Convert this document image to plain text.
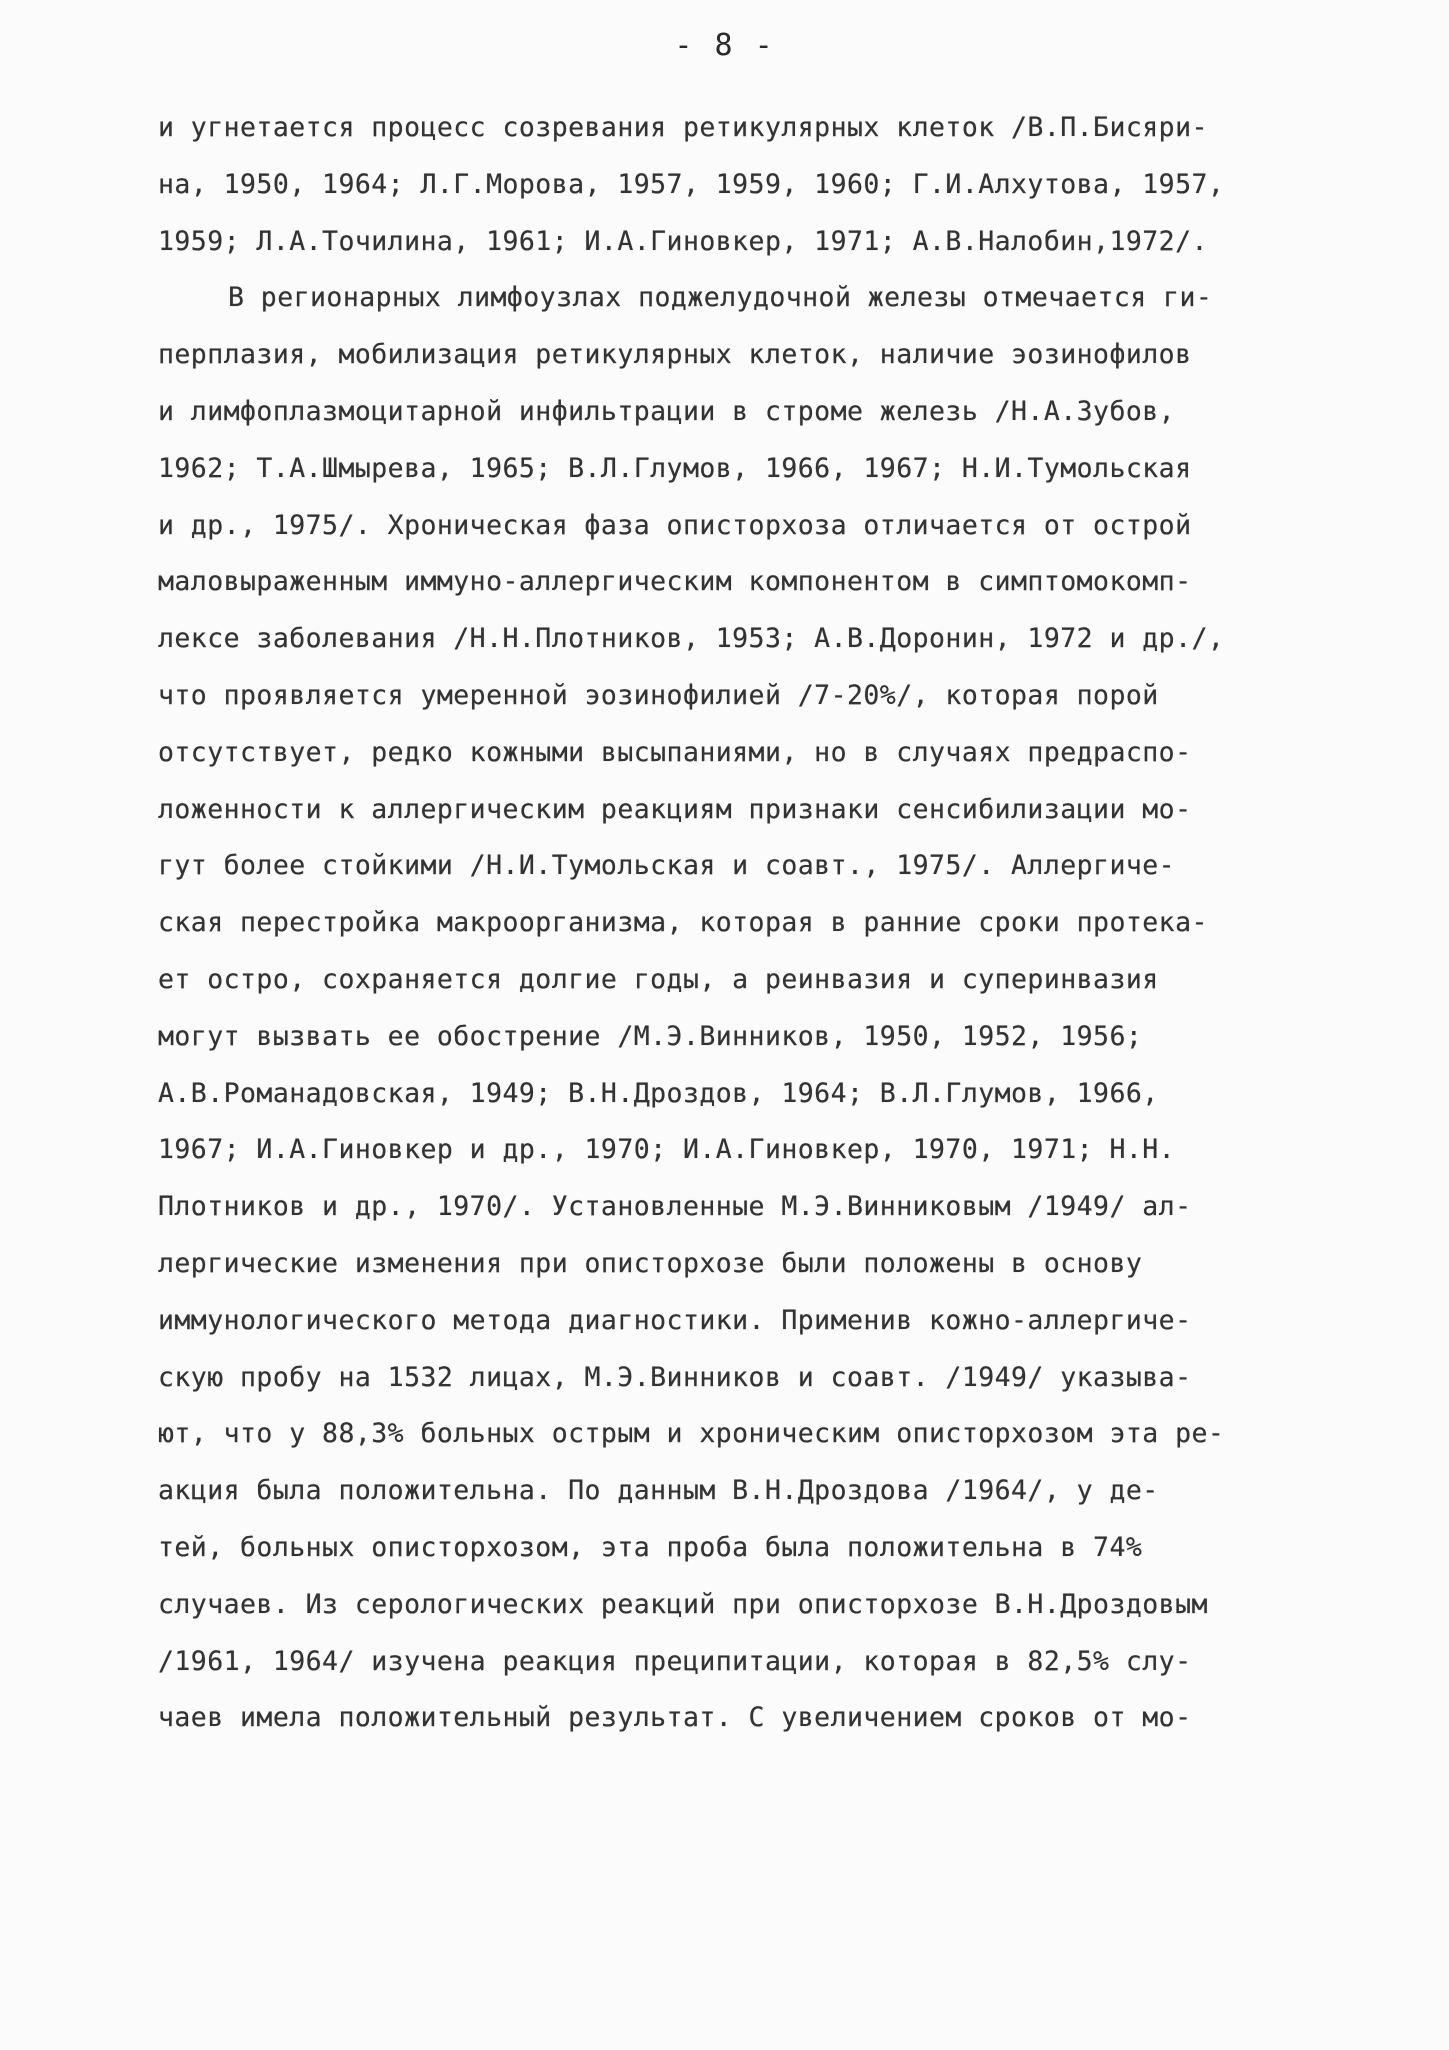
- 8 -
и угнетается процесс созревания ретикулярных клеток /В.П.Бисяри-
на, 1950, 1964; Л.Г.Морова, 1957, 1959, 1960; Г.И.Алхутова, 1957,
1959; Л.А.Точилина, 1961; И.А.Гиновкер, 1971; А.В.Налобин,1972/.
В регионарных лимфоузлах поджелудочной железы отмечается ги-
перплазия, мобилизация ретикулярных клеток, наличие эозинофилов
и лимфоплазмоцитарной инфильтрации в строме железь /Н.А.Зубов,
1962; Т.А.Шмырева, 1965; В.Л.Глумов, 1966, 1967; Н.И.Тумольская
и др., 1975/. Хроническая фаза описторхоза отличается от острой
маловыраженным иммуно-аллергическим компонентом в симптомокомп-
лексе заболевания /Н.Н.Плотников, 1953; А.В.Доронин, 1972 и др./,
что проявляется умеренной эозинофилией /7-20%/, которая порой
отсутствует, редко кожными высыпаниями, но в случаях предраспо-
ложенности к аллергическим реакциям признаки сенсибилизации мо-
гут более стойкими /Н.И.Тумольская и соавт., 1975/. Аллергиче-
ская перестройка макроорганизма, которая в ранние сроки протека-
ет остро, сохраняется долгие годы, а реинвазия и суперинвазия
могут вызвать ее обострение /М.Э.Винников, 1950, 1952, 1956;
А.В.Романадовская, 1949; В.Н.Дроздов, 1964; В.Л.Глумов, 1966,
1967; И.А.Гиновкер и др., 1970; И.А.Гиновкер, 1970, 1971; Н.Н.
Плотников и др., 1970/. Установленные М.Э.Винниковым /1949/ ал-
лергические изменения при описторхозе были положены в основу
иммунологического метода диагностики. Применив кожно-аллергиче-
скую пробу на 1532 лицах, М.Э.Винников и соавт. /1949/ указыва-
ют, что у 88,3% больных острым и хроническим описторхозом эта ре-
акция была положительна. По данным В.Н.Дроздова /1964/, у де-
тей, больных описторхозом, эта проба была положительна в 74%
случаев. Из серологических реакций при описторхозе В.Н.Дроздовым
/1961, 1964/ изучена реакция преципитации, которая в 82,5% слу-
чаев имела положительный результат. С увеличением сроков от мо-
